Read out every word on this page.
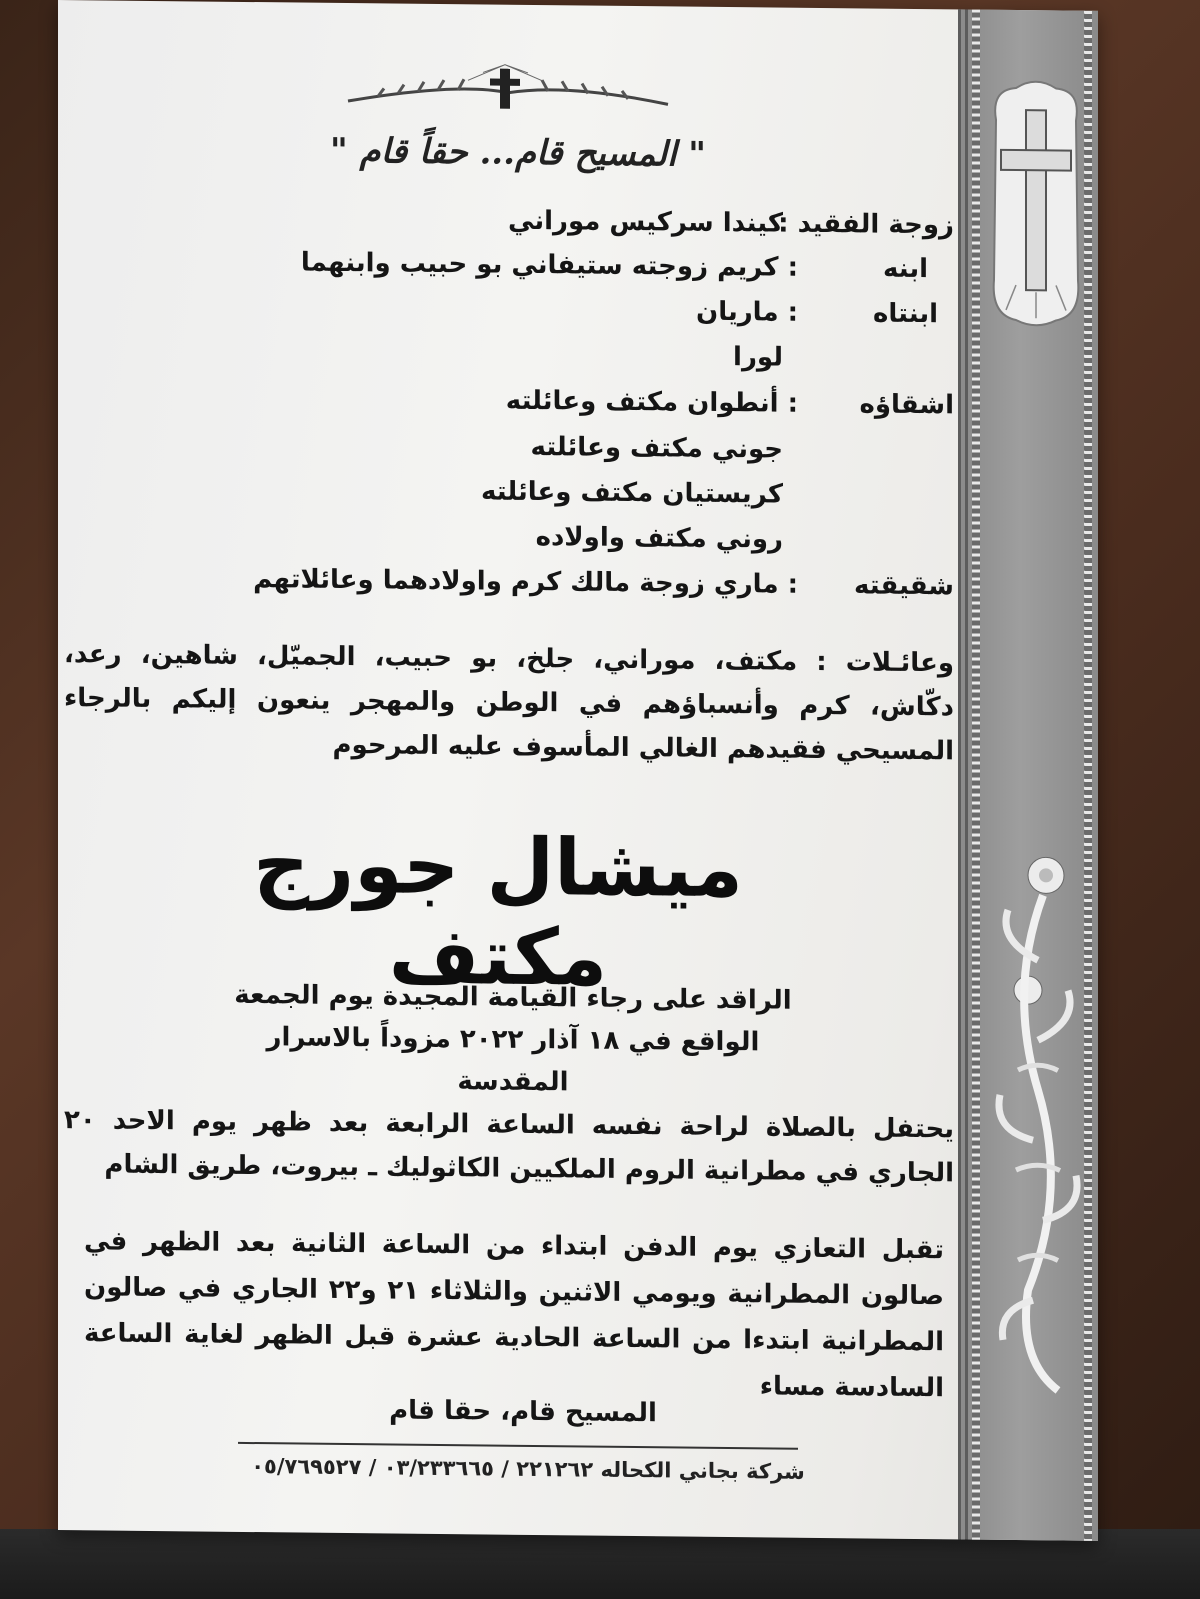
" المسيح قام... حقاً قام "
زوجة الفقيد :
كيندا سركيس موراني
ابنه
: كريم زوجته ستيفاني بو حبيب وابنهما
ابنتاه
: ماريان
لورا
اشقاؤه
: أنطوان مكتف وعائلته
جوني مكتف وعائلته
كريستيان مكتف وعائلته
روني مكتف واولاده
شقيقته
: ماري زوجة مالك كرم واولادهما وعائلاتهم
وعائـلات : مكتف، موراني، جلخ، بو حبيب، الجميّل، شاهين، رعد، دكّاش، كرم وأنسباؤهم في الوطن والمهجر ينعون إليكم بالرجاء المسيحي فقيدهم الغالي المأسوف عليه المرحوم
ميشال جورج مكتف
الراقد على رجاء القيامة المجيدة يوم الجمعة
الواقع في ١٨ آذار ٢٠٢٢ مزوداً بالاسرار المقدسة
يحتفل بالصلاة لراحة نفسه الساعة الرابعة بعد ظهر يوم الاحد ٢٠ الجاري في مطرانية الروم الملكيين الكاثوليك ـ بيروت، طريق الشام
تقبل التعازي يوم الدفن ابتداء من الساعة الثانية بعد الظهر في صالون المطرانية ويومي الاثنين والثلاثاء ٢١ و٢٢ الجاري في صالون المطرانية ابتدءا من الساعة الحادية عشرة قبل الظهر لغاية الساعة السادسة مساء
المسيح قام، حقا قام
شركة بجاني الكحاله ٢٢١٢٦٢ / ٠٣/٢٣٣٦٦٥ / ٠٥/٧٦٩٥٢٧
